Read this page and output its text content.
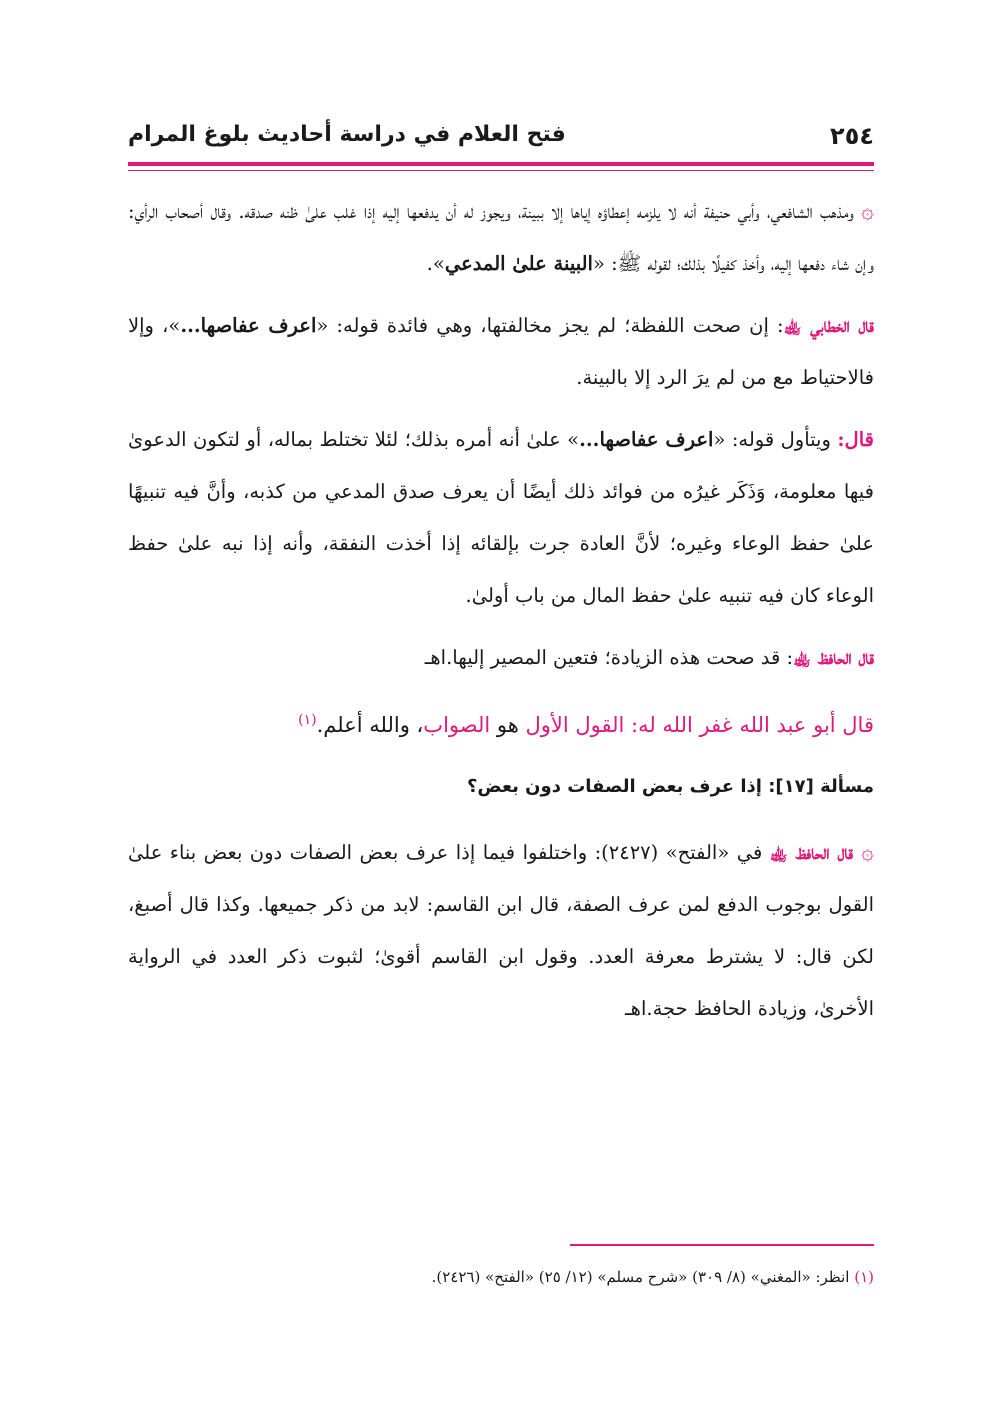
٢٥٤
فتح العلام في دراسة أحاديث بلوغ المرام

۞ ومذهب الشافعي، وأبي حنيفة أنه لا يلزمه إعطاؤه إياها إلا ببينة، ويجوز له أن يدفعها إليه إذا غلب علىٰ ظنه صدقه. وقال أصحاب الرأي: وإن شاء دفعها إليه، وأخذ كفيلًا بذلك؛ لقوله ﷺ: «البينة علىٰ المدعي».

قال الخطابي ﵀: إن صحت اللفظة؛ لم يجز مخالفتها، وهي فائدة قوله: «اعرف عفاصها...»، وإلا فالاحتياط مع من لم يرَ الرد إلا بالبينة.

قال: ويتأول قوله: «اعرف عفاصها...» علىٰ أنه أمره بذلك؛ لئلا تختلط بماله، أو لتكون الدعوىٰ فيها معلومة، وَذَكَر غيرُه من فوائد ذلك أيضًا أن يعرف صدق المدعي من كذبه، وأنَّ فيه تنبيهًا علىٰ حفظ الوعاء وغيره؛ لأنَّ العادة جرت بإلقائه إذا أخذت النفقة، وأنه إذا نبه علىٰ حفظ الوعاء كان فيه تنبيه علىٰ حفظ المال من باب أولىٰ.

قال الحافظ ﵀: قد صحت هذه الزيادة؛ فتعين المصير إليها.اهـ

قال أبو عبد الله غفر الله له: القول الأول هو الصواب، والله أعلم.$^{(١)}$

مسألة [١٧]: إذا عرف بعض الصفات دون بعض؟

۞ قال الحافظ ﵀ في «الفتح» (٢٤٢٧): واختلفوا فيما إذا عرف بعض الصفات دون بعض بناء علىٰ القول بوجوب الدفع لمن عرف الصفة، قال ابن القاسم: لابد من ذكر جميعها. وكذا قال أصبغ، لكن قال: لا يشترط معرفة العدد. وقول ابن القاسم أقوىٰ؛ لثبوت ذكر العدد في الرواية الأخرىٰ، وزيادة الحافظ حجة.اهـ

(١) انظر: «المغني» (٨/ ٣٠٩) «شرح مسلم» (١٢/ ٢٥) «الفتح» (٢٤٢٦).
